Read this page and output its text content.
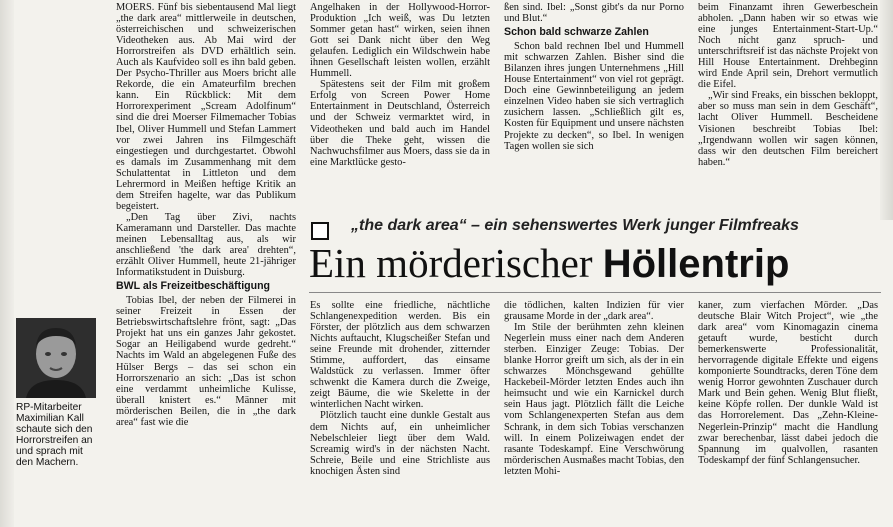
MOERS. Fünf bis siebentausend Mal liegt „the dark area“ mittlerweile in deutschen, österreichischen und schweizerischen Videotheken aus. Ab Mai wird der Horrorstreifen als DVD erhältlich sein. Auch als Kaufvideo soll es ihn bald geben. Der Psycho-Thriller aus Moers bricht alle Rekorde, die ein Amateurfilm brechen kann. Ein Rückblick: Mit dem Horrorexperiment „Scream Adolfinum“ sind die drei Moerser Filmemacher Tobias Ibel, Oliver Hummell und Stefan Lammert vor zwei Jahren ins Filmgeschäft eingestiegen und durchgestartet. Obwohl es damals im Zusammenhang mit dem Schulattentat in Littleton und dem Lehrermord in Meißen heftige Kritik an dem Streifen hagelte, war das Publikum begeistert.

„Den Tag über Zivi, nachts Kameramann und Darsteller. Das machte meinen Lebensalltag aus, als wir anschließend 'the dark area' drehten“, erzählt Oliver Hummell, heute 21-jähriger Informatikstudent in Duisburg.

BWL als Freizeitbeschäftigung

Tobias Ibel, der neben der Filmerei in seiner Freizeit in Essen der Betriebswirtschaftslehre frönt, sagt: „Das Projekt hat uns ein ganzes Jahr gekostet. Sogar an Heiligabend wurde gedreht.“ Nachts im Wald an abgelegenen Fuße des Hülser Bergs – das sei schon ein Horrorszenario an sich: „Das ist schon eine verdammt unheimliche Kulisse, überall knistert es.“ Männer mit mörderischen Beilen, die in „the dark area“ fast wie die

Angelhaken in der Hollywood-Horror-Produktion „Ich weiß, was Du letzten Sommer getan hast“ wirken, seien ihnen Gott sei Dank nicht über den Weg gelaufen. Lediglich ein Wildschwein habe ihnen Gesellschaft leisten wollen, erzählt Hummell.

Spätestens seit der Film mit großem Erfolg von Screen Power Home Entertainment in Deutschland, Österreich und der Schweiz vermarktet wird, in Videotheken und bald auch im Handel über die Theke geht, wissen die Nachwuchsfilmer aus Moers, dass sie da in eine Marktlücke gesto-

ßen sind. Ibel: „Sonst gibt's da nur Porno und Blut.“

Schon bald schwarze Zahlen

Schon bald rechnen Ibel und Hummell mit schwarzen Zahlen. Bisher sind die Bilanzen ihres jungen Unternehmens „Hill House Entertainment“ von viel rot geprägt. Doch eine Gewinnbeteiligung an jedem einzelnen Video haben sie sich vertraglich zusichern lassen. „Schließlich gilt es, Kosten für Equipment und unsere nächsten Projekte zu decken“, so Ibel. In wenigen Tagen wollen sie sich

beim Finanzamt ihren Gewerbeschein abholen. „Dann haben wir so etwas wie eine junges Entertainment-Start-Up.“ Noch nicht ganz spruch- und unterschriftsreif ist das nächste Projekt von Hill House Entertainment. Drehbeginn wird Ende April sein, Drehort vermutlich die Eifel.

„Wir sind Freaks, ein bisschen bekloppt, aber so muss man sein in dem Geschäft“, lacht Oliver Hummell. Bescheidene Visionen beschreibt Tobias Ibel: „Irgendwann wollen wir sagen können, dass wir den deutschen Film bereichert haben.“

„the dark area“ – ein sehenswertes Werk junger Filmfreaks
Ein mörderischer Höllentrip

Es sollte eine friedliche, nächtliche Schlangenexpedition werden. Bis ein Förster, der plötzlich aus dem schwarzen Nichts auftaucht, Klugscheißer Stefan und seine Freunde mit drohender, zitternder Stimme, auffordert, das einsame Waldstück zu verlassen. Immer öfter schwenkt die Kamera durch die Zweige, zeigt Bäume, die wie Skelette in der winterlichen Nacht wirken.

Plötzlich taucht eine dunkle Gestalt aus dem Nichts auf, ein unheimlicher Nebelschleier liegt über dem Wald. Screamig wird's in der nächsten Nacht. Schreie, Beile und eine Strichliste aus knochigen Ästen sind

die tödlichen, kalten Indizien für vier grausame Morde in der „dark area“.

Im Stile der berühmten zehn kleinen Negerlein muss einer nach dem Anderen sterben. Einziger Zeuge: Tobias. Der blanke Horror greift um sich, als der in ein schwarzes Mönchsgewand gehüllte Hackebeil-Mörder letzten Endes auch ihn heimsucht und wie ein Karnickel durch sein Haus jagt. Plötzlich fällt die Leiche vom Schlangenexperten Stefan aus dem Schrank, in dem sich Tobias verschanzen will. In einem Polizeiwagen endet der rasante Todeskampf. Eine Verschwörung mörderischen Ausmaßes macht Tobias, den letzten Mohi-

kaner, zum vierfachen Mörder. „Das deutsche Blair Witch Project“, wie „the dark area“ vom Kinomagazin cinema getauft wurde, besticht durch bemerkenswerte Professionalität, hervorragende digitale Effekte und eigens komponierte Soundtracks, deren Töne dem wenig Horror gewohnten Zuschauer durch Mark und Bein gehen. Wenig Blut fließt, keine Köpfe rollen. Der dunkle Wald ist das Horrorelement. Das „Zehn-Kleine-Negerlein-Prinzip“ macht die Handlung zwar berechenbar, lässt dabei jedoch die Spannung im qualvollen, rasanten Todeskampf der fünf Schlangensucher.

RP-Mitarbeiter Maximilian Kall schaute sich den Horrorstreifen an und sprach mit den Machern.
